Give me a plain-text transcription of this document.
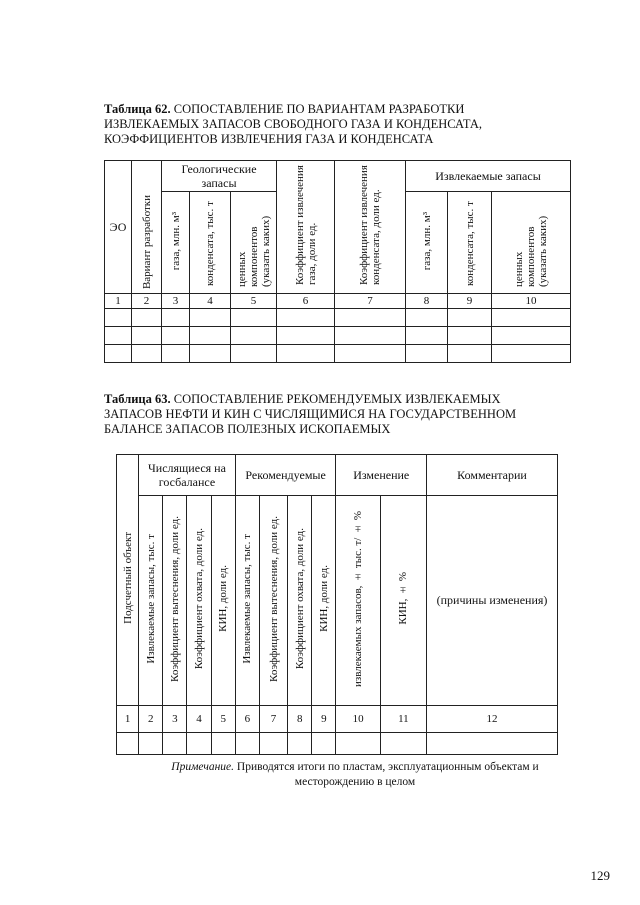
Таблица 62. СОПОСТАВЛЕНИЕ ПО ВАРИАНТАМ РАЗРАБОТКИ ИЗВЛЕКАЕМЫХ ЗАПАСОВ СВОБОДНОГО ГАЗА И КОНДЕНСАТА, КОЭФФИЦИЕНТОВ ИЗВЛЕЧЕНИЯ ГАЗА И КОНДЕНСАТА
ЭО	Вариант разработки	Геологические запасы			Коэффициент извлечения газа, доли ед.	Коэффициент извлечения конденсата, доли ед.	Извлекаемые запасы		

		газа, млн. м³	конденсата, тыс. т	ценных компонентов (указать каких)			газа, млн. м³	конденсата, тыс. т	ценных компонентов (указать каких)

1	2	3	4	5	6	7	8	9	10

Таблица 63. СОПОСТАВЛЕНИЕ РЕКОМЕНДУЕМЫХ ИЗВЛЕКАЕМЫХ ЗАПАСОВ НЕФТИ И КИН С ЧИСЛЯЩИМИСЯ НА ГОСУДАРСТВЕННОМ БАЛАНСЕ ЗАПАСОВ ПОЛЕЗНЫХ ИСКОПАЕМЫХ
Подсчетный объект	Числящиеся на госбалансе				Рекомендуемые				Изменение		Комментарии

	Извлекаемые запасы, тыс. т	Коэффициент вытеснения, доли ед.	Коэффициент охвата, доли ед.	КИН, доли ед.	Извлекаемые запасы, тыс. т	Коэффициент вытеснения, доли ед.	Коэффициент охвата, доли ед.	КИН, доли ед.	извлекаемых запасов, ± тыс. т/ ± %	КИН, ± %	(причины изменения)
1	2	3	4	5	6	7	8	9	10	11	12

Примечание. Приводятся итоги по пластам, эксплуатационным объектам и месторождению в целом
129
